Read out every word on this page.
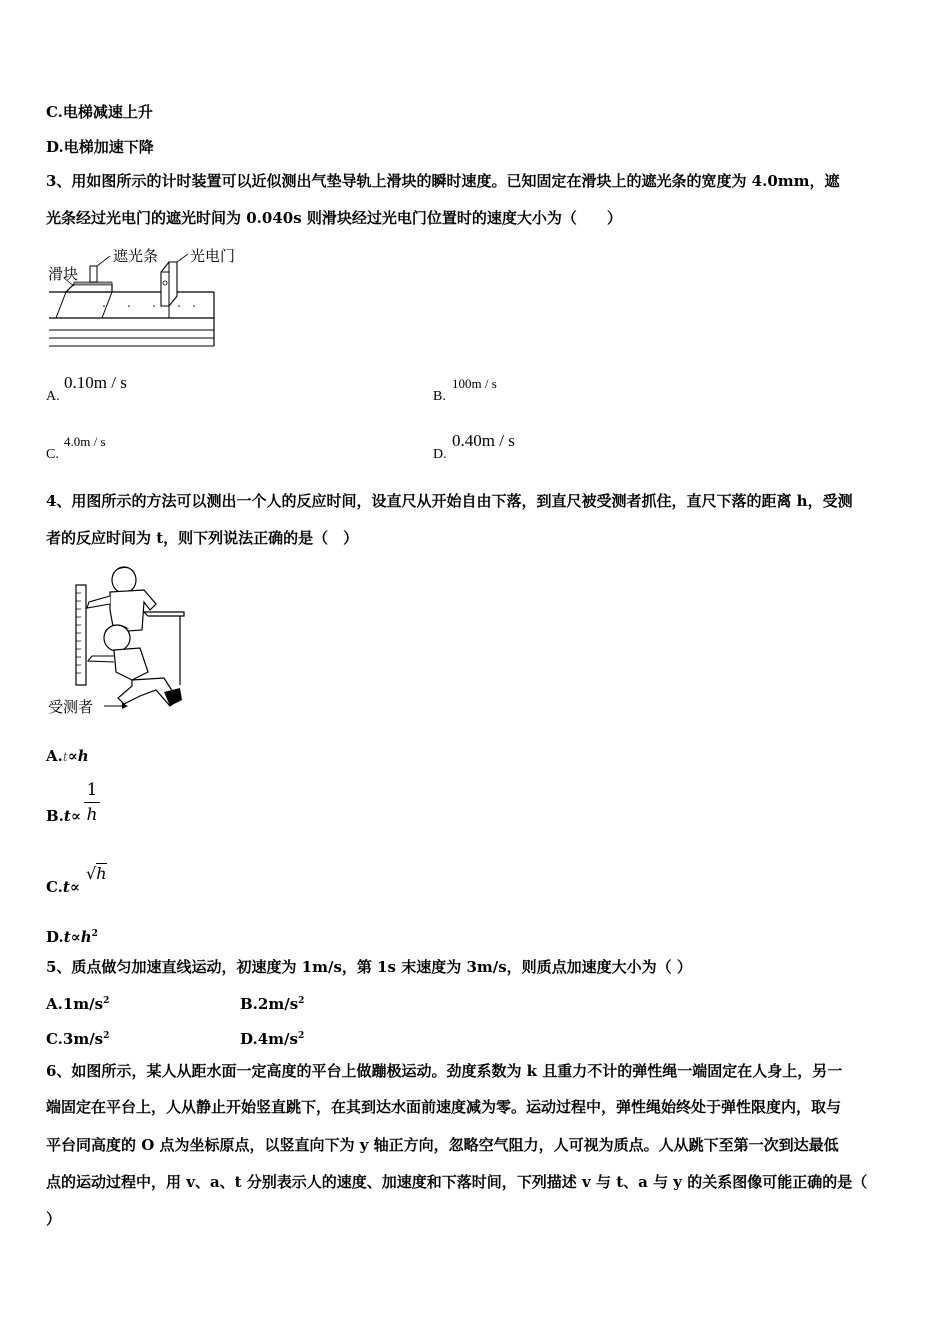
C.电梯减速上升
D.电梯加速下降
3、用如图所示的计时装置可以近似测出气垫导轨上滑块的瞬时速度。已知固定在滑块上的遮光条的宽度为 4.0mm，遮
光条经过光电门的遮光时间为 0.040s 则滑块经过光电门位置时的速度大小为（　　）
滑块
遮光条 光电门
A.
0.10m / s
B.
100m / s
C.
4.0m / s
D.
0.40m / s
4、用图所示的方法可以测出一个人的反应时间，设直尺从开始自由下落，到直尺被受测者抓住，直尺下落的距离 h，受测
者的反应时间为 t，则下列说法正确的是（　）
受测者
A.t∝h
B.t∝
1
h
C.t∝
√h
$D.t\propto h^2$
5、质点做匀加速直线运动，初速度为 1m/s，第 1s 末速度为 3m/s，则质点加速度大小为（ ）
$A.1m/s^2$	$B.2m/s^2$
$C.3m/s^2$	$D.4m/s^2$
6、如图所示，某人从距水面一定高度的平台上做蹦极运动。劲度系数为 k 且重力不计的弹性绳一端固定在人身上，另一
端固定在平台上，人从静止开始竖直跳下，在其到达水面前速度减为零。运动过程中，弹性绳始终处于弹性限度内，取与
平台同高度的 O 点为坐标原点，以竖直向下为 y 轴正方向，忽略空气阻力，人可视为质点。人从跳下至第一次到达最低
点的运动过程中，用 v、a、t 分别表示人的速度、加速度和下落时间，下列描述 v 与 t、a 与 y 的关系图像可能正确的是（
）
